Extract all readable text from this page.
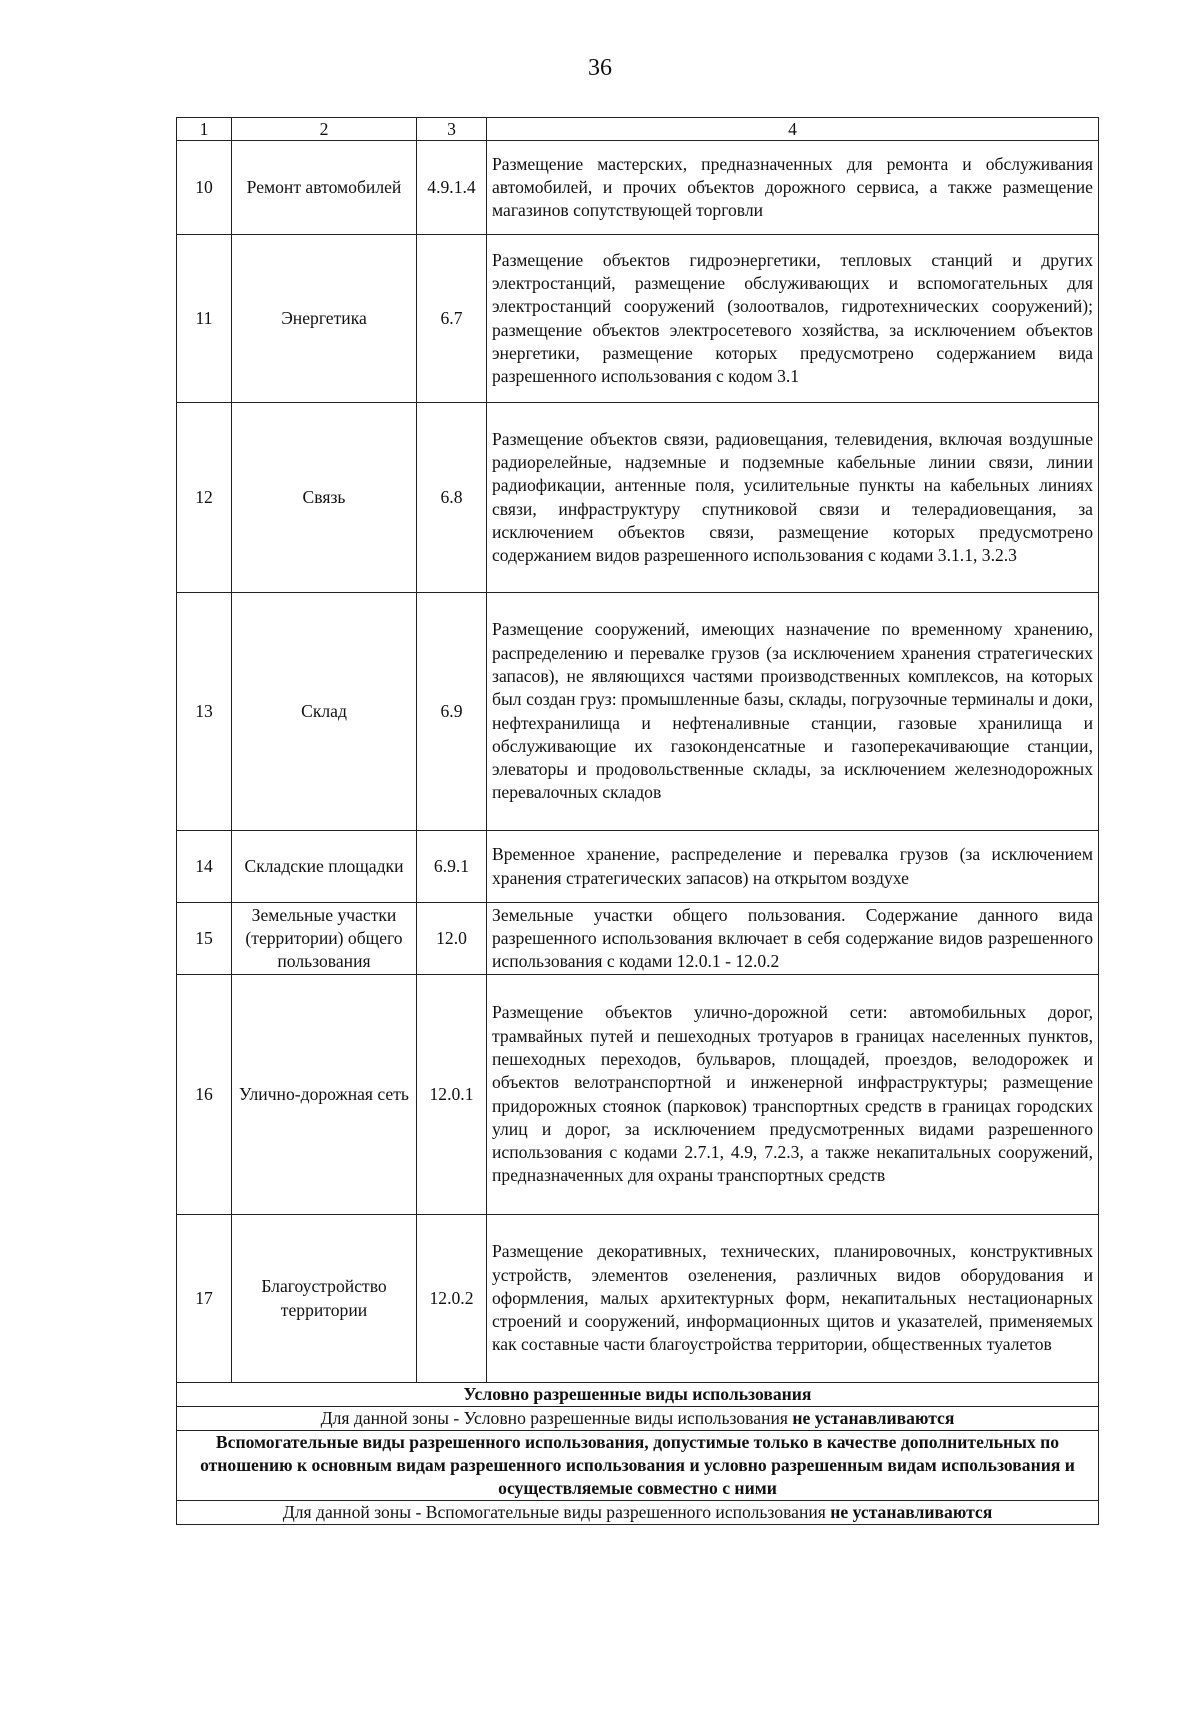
36
1	2	3	4
10	Ремонт автомобилей	4.9.1.4	Размещение мастерских, предназначенных для ремонта и обслуживания автомобилей, и прочих объектов дорожного сервиса, а также размещение магазинов сопутствующей торговли
11	Энергетика	6.7	Размещение объектов гидроэнергетики, тепловых станций и других электростанций, размещение обслуживающих и вспомогательных для электростанций сооружений (золоотвалов, гидротехнических сооружений); размещение объектов электросетевого хозяйства, за исключением объектов энергетики, размещение которых предусмотрено содержанием вида разрешенного использования с кодом 3.1
12	Связь	6.8	Размещение объектов связи, радиовещания, телевидения, включая воздушные радиорелейные, надземные и подземные кабельные линии связи, линии радиофикации, антенные поля, усилительные пункты на кабельных линиях связи, инфраструктуру спутниковой связи и телерадиовещания, за исключением объектов связи, размещение которых предусмотрено содержанием видов разрешенного использования с кодами 3.1.1, 3.2.3
13	Склад	6.9	Размещение сооружений, имеющих назначение по временному хранению, распределению и перевалке грузов (за исключением хранения стратегических запасов), не являющихся частями производственных комплексов, на которых был создан груз: промышленные базы, склады, погрузочные терминалы и доки, нефтехранилища и нефтеналивные станции, газовые хранилища и обслуживающие их газоконденсатные и газоперекачивающие станции, элеваторы и продовольственные склады, за исключением железнодорожных перевалочных складов
14	Складские площадки	6.9.1	Временное хранение, распределение и перевалка грузов (за исключением хранения стратегических запасов) на открытом воздухе
15	Земельные участки (территории) общего пользования	12.0	Земельные участки общего пользования. Содержание данного вида разрешенного использования включает в себя содержание видов разрешенного использования с кодами 12.0.1 - 12.0.2
16	Улично-дорожная сеть	12.0.1	Размещение объектов улично-дорожной сети: автомобильных дорог, трамвайных путей и пешеходных тротуаров в границах населенных пунктов, пешеходных переходов, бульваров, площадей, проездов, велодорожек и объектов велотранспортной и инженерной инфраструктуры; размещение придорожных стоянок (парковок) транспортных средств в границах городских улиц и дорог, за исключением предусмотренных видами разрешенного использования с кодами 2.7.1, 4.9, 7.2.3, а также некапитальных сооружений, предназначенных для охраны транспортных средств
17	Благоустройство территории	12.0.2	Размещение декоративных, технических, планировочных, конструктивных устройств, элементов озеленения, различных видов оборудования и оформления, малых архитектурных форм, некапитальных нестационарных строений и сооружений, информационных щитов и указателей, применяемых как составные части благоустройства территории, общественных туалетов
Условно разрешенные виды использования			
Для данной зоны - Условно разрешенные виды использования не устанавливаются			
Вспомогательные виды разрешенного использования, допустимые только в качестве дополнительных по отношению к основным видам разрешенного использования и условно разрешенным видам использования и осуществляемые совместно с ними			
Для данной зоны - Вспомогательные виды разрешенного использования не устанавливаются			
